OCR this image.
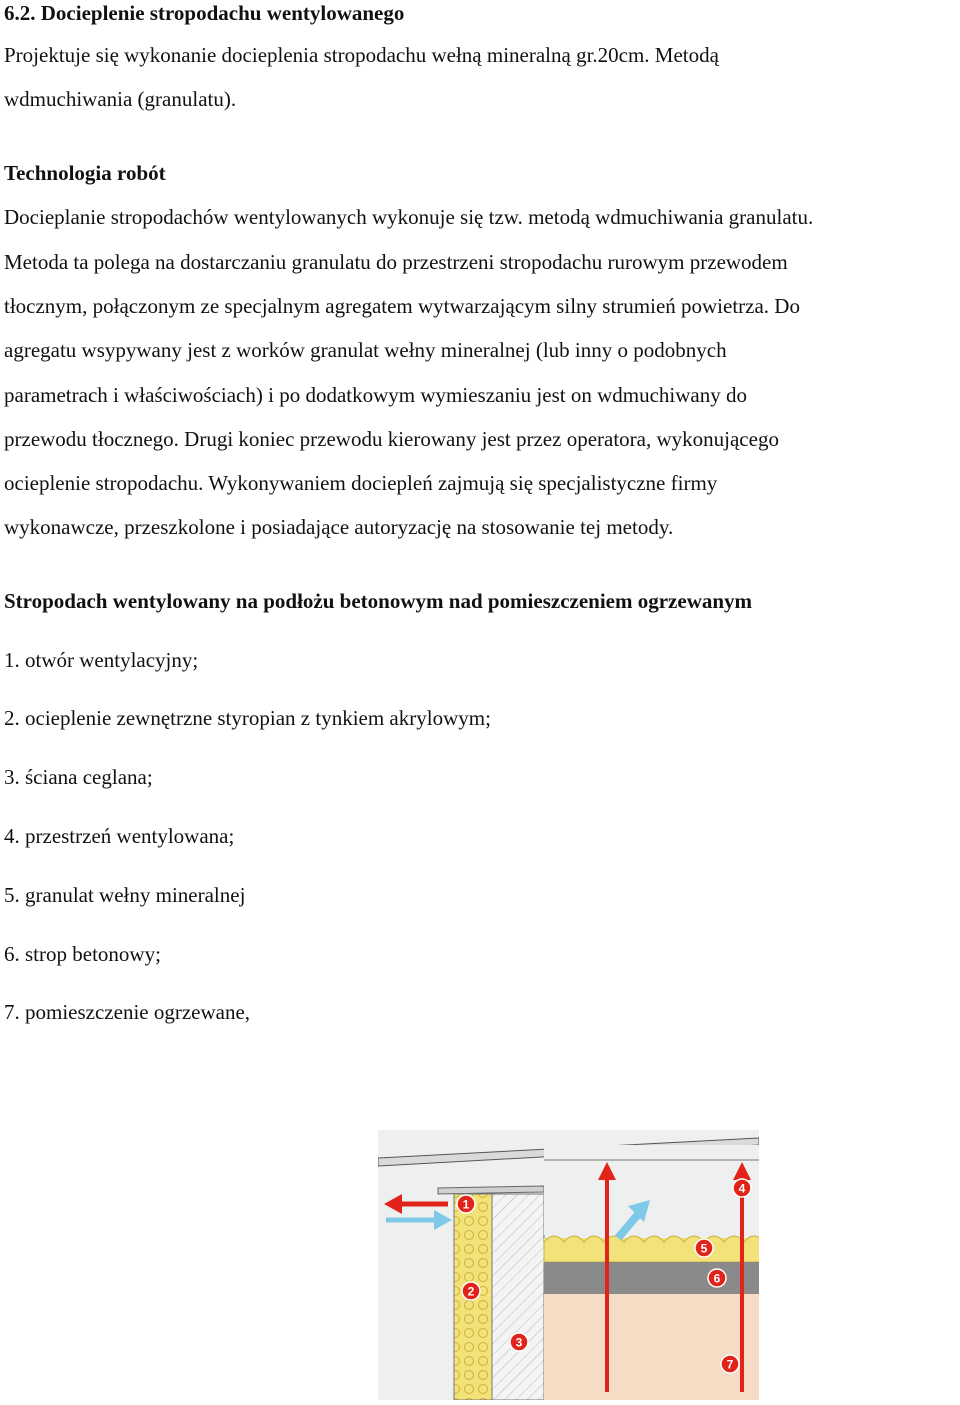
6.2. Docieplenie stropodachu wentylowanego
Projektuje się wykonanie docieplenia stropodachu wełną mineralną gr.20cm. Metodą
wdmuchiwania (granulatu).
Technologia robót
Docieplanie stropodachów wentylowanych wykonuje się tzw. metodą wdmuchiwania granulatu.
Metoda ta polega na dostarczaniu granulatu do przestrzeni stropodachu rurowym przewodem
tłocznym, połączonym ze specjalnym agregatem wytwarzającym silny strumień powietrza. Do
agregatu wsypywany jest z worków granulat wełny mineralnej (lub inny o podobnych
parametrach i właściwościach) i po dodatkowym wymieszaniu jest on wdmuchiwany do
przewodu tłocznego. Drugi koniec przewodu kierowany jest przez operatora, wykonującego
ocieplenie stropodachu. Wykonywaniem dociepleń zajmują się specjalistyczne firmy
wykonawcze, przeszkolone i posiadające autoryzację na stosowanie tej metody.
Stropodach wentylowany na podłożu betonowym nad pomieszczeniem ogrzewanym
1. otwór wentylacyjny;
2. ocieplenie zewnętrzne styropian z tynkiem akrylowym;
3. ściana ceglana;
4. przestrzeń wentylowana;
5. granulat wełny mineralnej
6. strop betonowy;
7. pomieszczenie ogrzewane,
1
2
3
4
5
6
7
